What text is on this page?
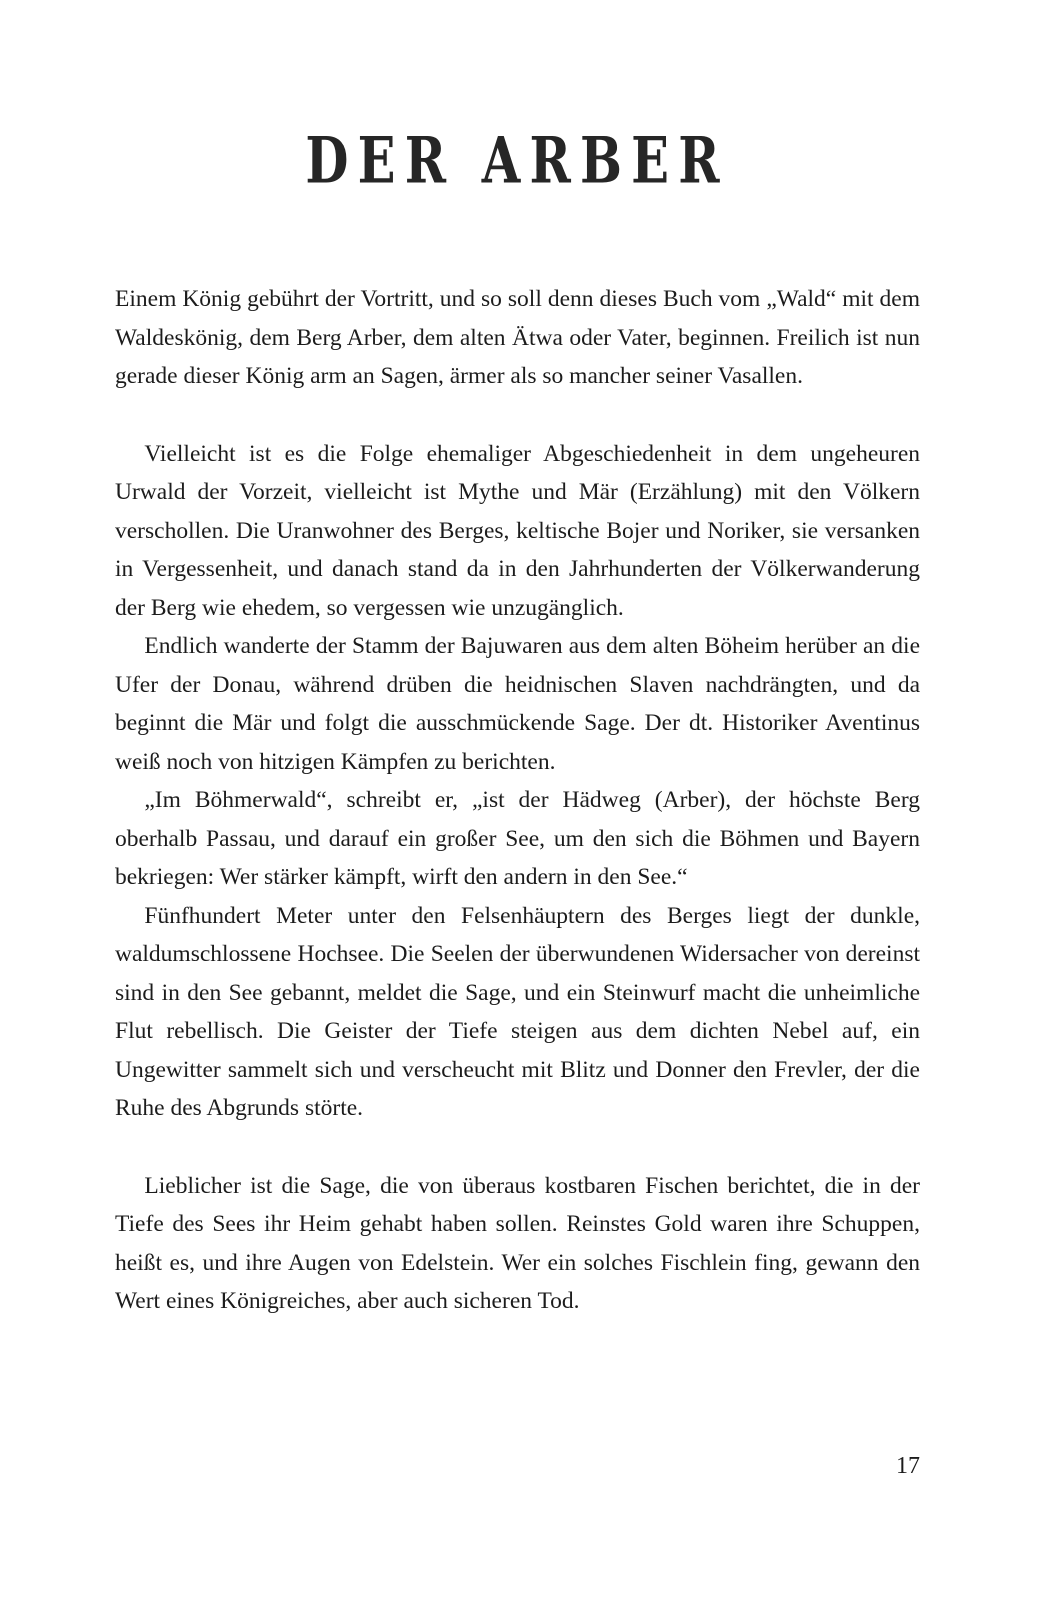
DER ARBER

Einem König gebührt der Vortritt, und so soll denn dieses Buch vom „Wald“ mit dem Waldeskönig, dem Berg Arber, dem alten Ätwa oder Vater, beginnen. Freilich ist nun gerade dieser König arm an Sagen, ärmer als so mancher seiner Vasallen.

Vielleicht ist es die Folge ehemaliger Abgeschiedenheit in dem ungeheuren Urwald der Vorzeit, vielleicht ist Mythe und Mär (Erzählung) mit den Völkern verschollen. Die Uranwohner des Berges, keltische Bojer und Noriker, sie versanken in Vergessenheit, und danach stand da in den Jahrhunderten der Völkerwanderung der Berg wie ehedem, so vergessen wie unzugänglich.

Endlich wanderte der Stamm der Bajuwaren aus dem alten Böheim herüber an die Ufer der Donau, während drüben die heidnischen Slaven nachdrängten, und da beginnt die Mär und folgt die ausschmückende Sage. Der dt. Historiker Aventinus weiß noch von hitzigen Kämpfen zu berichten.

„Im Böhmerwald“, schreibt er, „ist der Hädweg (Arber), der höchste Berg oberhalb Passau, und darauf ein großer See, um den sich die Böhmen und Bayern bekriegen: Wer stärker kämpft, wirft den andern in den See.“

Fünfhundert Meter unter den Felsenhäuptern des Berges liegt der dunkle, waldumschlossene Hochsee. Die Seelen der überwundenen Widersacher von dereinst sind in den See gebannt, meldet die Sage, und ein Steinwurf macht die unheimliche Flut rebellisch. Die Geister der Tiefe steigen aus dem dichten Nebel auf, ein Ungewitter sammelt sich und verscheucht mit Blitz und Donner den Frevler, der die Ruhe des Abgrunds störte.

Lieblicher ist die Sage, die von überaus kostbaren Fischen berichtet, die in der Tiefe des Sees ihr Heim gehabt haben sollen. Reinstes Gold waren ihre Schuppen, heißt es, und ihre Augen von Edelstein. Wer ein solches Fischlein fing, gewann den Wert eines Königreiches, aber auch sicheren Tod.

17
